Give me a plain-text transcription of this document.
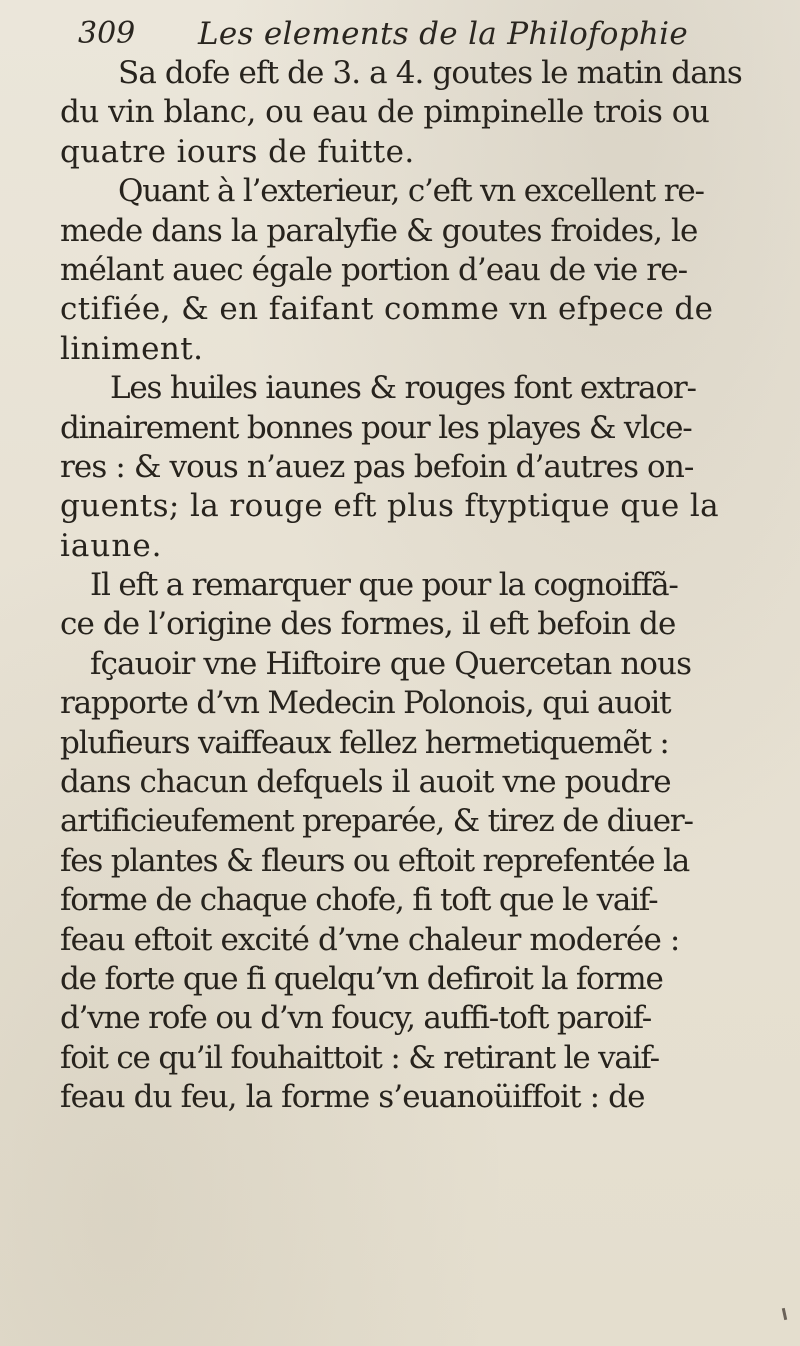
309 Les elements de la Philofophie
Sa dofe eft de 3. a 4. goutes le matin dans
du vin blanc, ou eau de pimpinelle trois ou
quatre iours de fuitte.
Quant à l’exterieur, c’eft vn excellent re-
mede dans la paralyfie & goutes froides, le
mélant auec égale portion d’eau de vie re-
ctifiée, & en faifant comme vn efpece de
liniment.
Les huiles iaunes & rouges font extraor-
dinairement bonnes pour les playes & vlce-
res : & vous n’auez pas befoin d’autres on-
guents; la rouge eft plus ftyptique que la
iaune.
Il eft a remarquer que pour la cognoiffã-
ce de l’origine des formes, il eft befoin de
fçauoir vne Hiftoire que Quercetan nous
rapporte d’vn Medecin Polonois, qui auoit
plufieurs vaiffeaux fellez hermetiquemẽt :
dans chacun defquels il auoit vne poudre
artificieufement preparée, & tirez de diuer-
fes plantes & fleurs ou eftoit reprefentée la
forme de chaque chofe, fi toft que le vaif-
feau eftoit excité d’vne chaleur moderée :
de forte que fi quelqu’vn defiroit la forme
d’vne rofe ou d’vn foucy, auffi-toft paroif-
foit ce qu’il fouhaittoit : & retirant le vaif-
feau du feu, la forme s’euanoüiffoit : de
